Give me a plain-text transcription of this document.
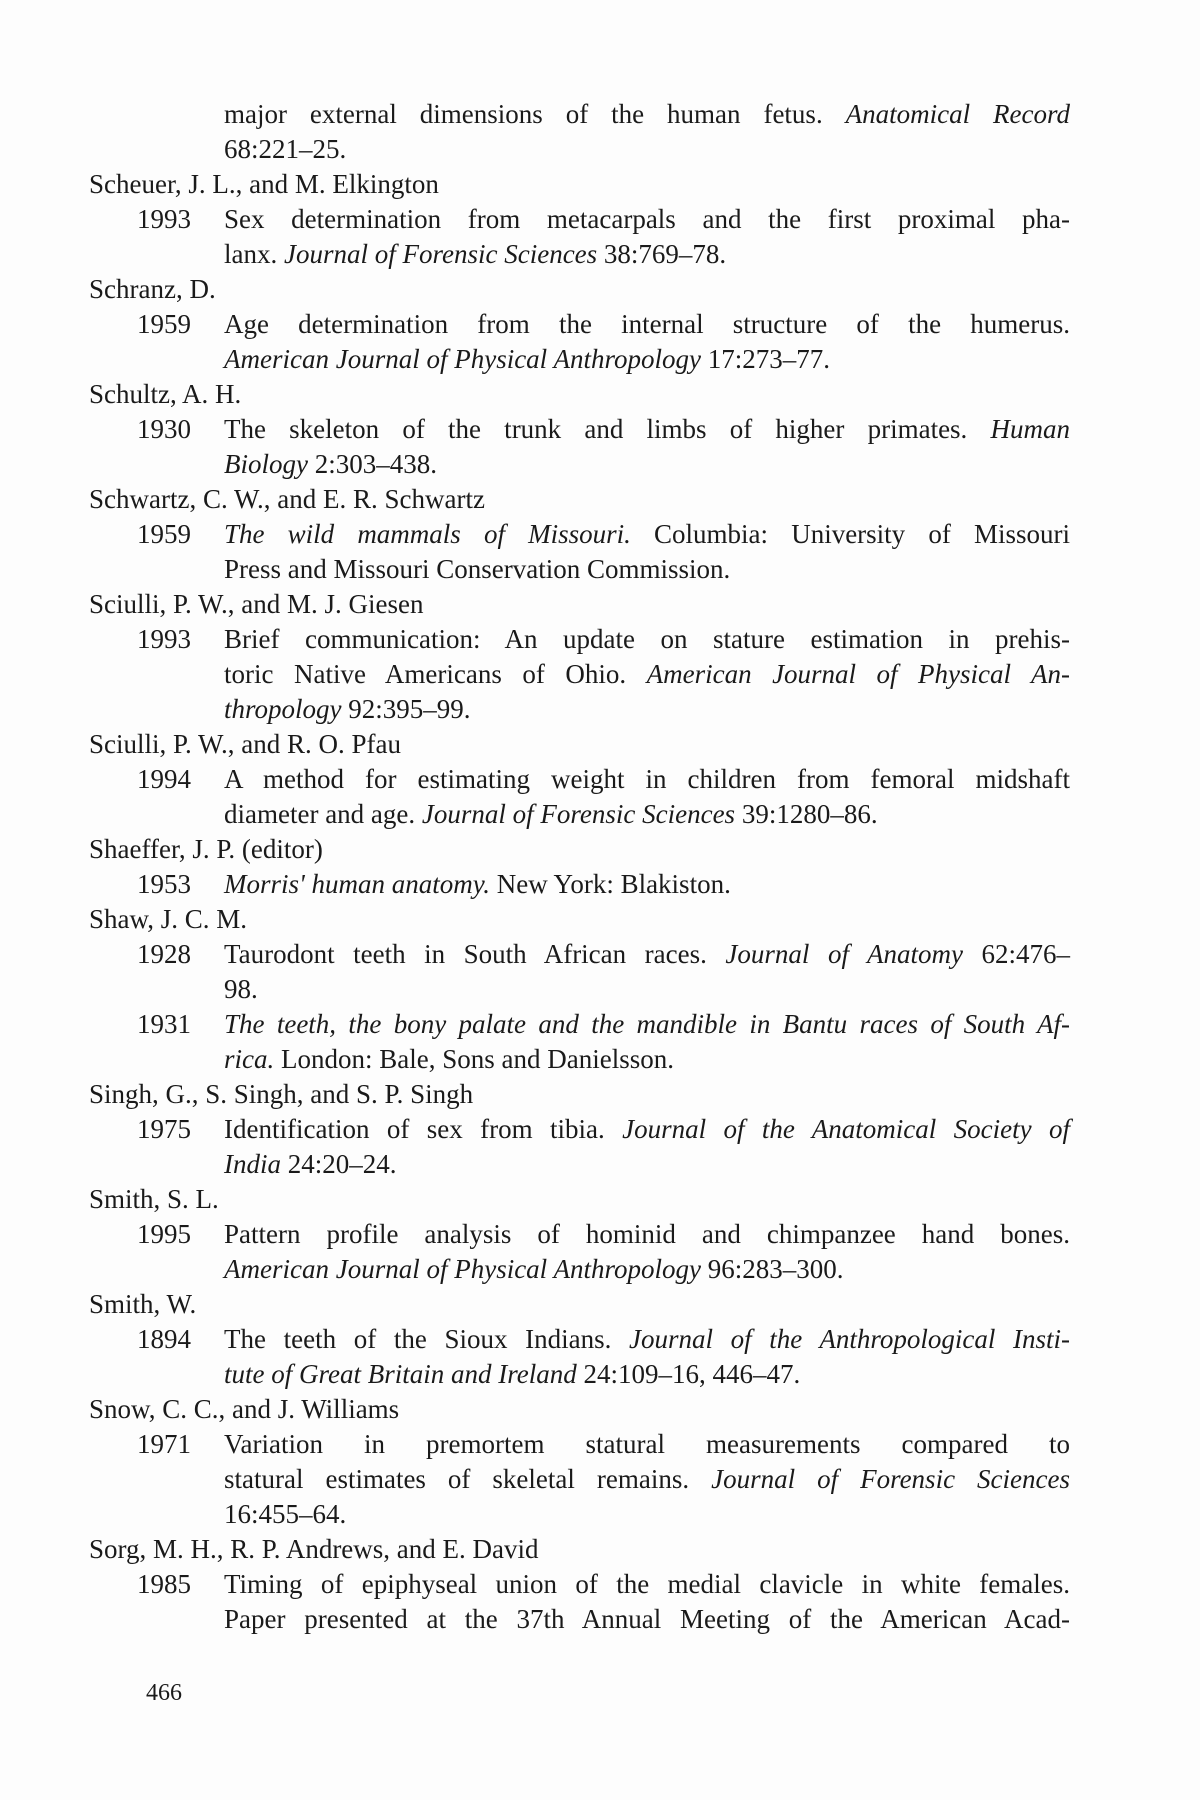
major external dimensions of the human fetus. Anatomical Record
68:221–25.
Scheuer, J. L., and M. Elkington
1993 Sex determination from metacarpals and the first proximal pha-
lanx. Journal of Forensic Sciences 38:769–78.
Schranz, D.
1959 Age determination from the internal structure of the humerus.
American Journal of Physical Anthropology 17:273–77.
Schultz, A. H.
1930 The skeleton of the trunk and limbs of higher primates. Human
Biology 2:303–438.
Schwartz, C. W., and E. R. Schwartz
1959 The wild mammals of Missouri. Columbia: University of Missouri
Press and Missouri Conservation Commission.
Sciulli, P. W., and M. J. Giesen
1993 Brief communication: An update on stature estimation in prehis-
toric Native Americans of Ohio. American Journal of Physical An-
thropology 92:395–99.
Sciulli, P. W., and R. O. Pfau
1994 A method for estimating weight in children from femoral midshaft
diameter and age. Journal of Forensic Sciences 39:1280–86.
Shaeffer, J. P. (editor)
1953 Morris' human anatomy. New York: Blakiston.
Shaw, J. C. M.
1928 Taurodont teeth in South African races. Journal of Anatomy 62:476–
98.
1931 The teeth, the bony palate and the mandible in Bantu races of South Af-
rica. London: Bale, Sons and Danielsson.
Singh, G., S. Singh, and S. P. Singh
1975 Identification of sex from tibia. Journal of the Anatomical Society of
India 24:20–24.
Smith, S. L.
1995 Pattern profile analysis of hominid and chimpanzee hand bones.
American Journal of Physical Anthropology 96:283–300.
Smith, W.
1894 The teeth of the Sioux Indians. Journal of the Anthropological Insti-
tute of Great Britain and Ireland 24:109–16, 446–47.
Snow, C. C., and J. Williams
1971 Variation in premortem statural measurements compared to
statural estimates of skeletal remains. Journal of Forensic Sciences
16:455–64.
Sorg, M. H., R. P. Andrews, and E. David
1985 Timing of epiphyseal union of the medial clavicle in white females.
Paper presented at the 37th Annual Meeting of the American Acad-
466
